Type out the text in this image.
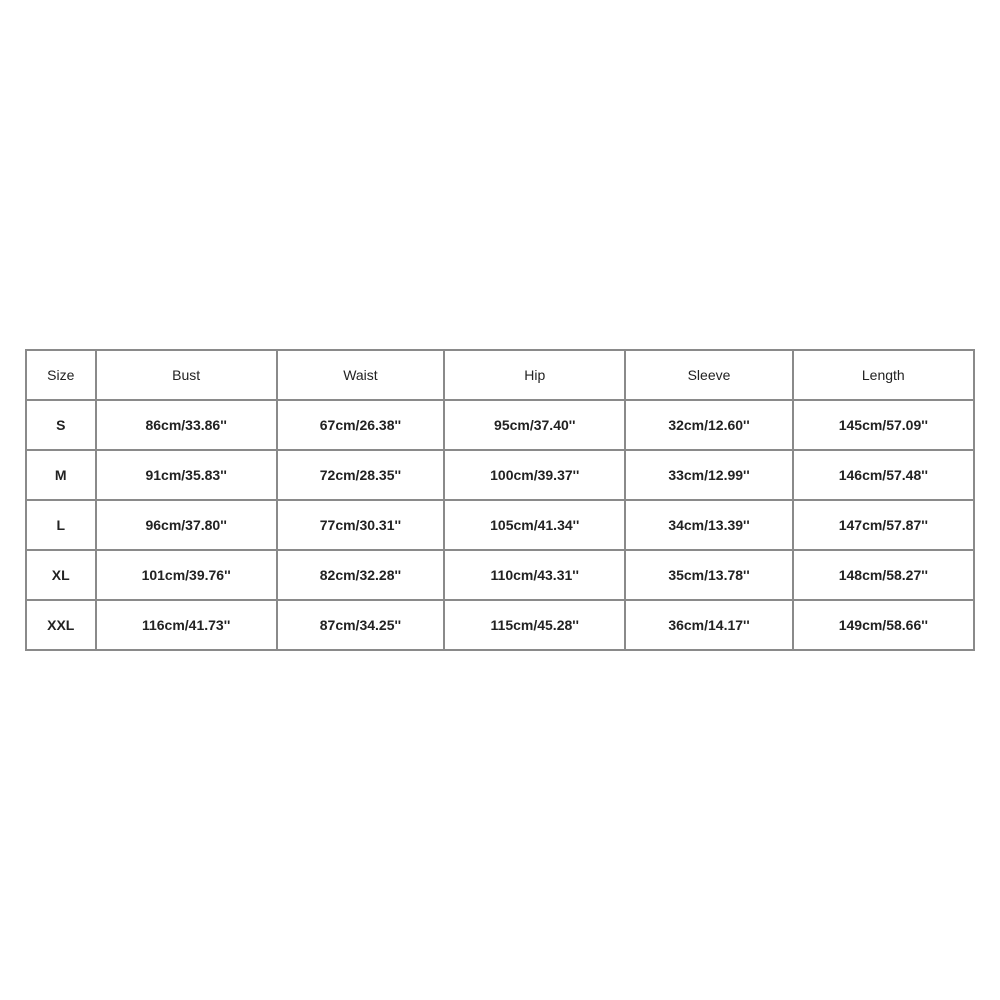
Size	Bust	Waist	Hip	Sleeve	Length
S	86cm/33.86''	67cm/26.38''	95cm/37.40''	32cm/12.60''	145cm/57.09''
M	91cm/35.83''	72cm/28.35''	100cm/39.37''	33cm/12.99''	146cm/57.48''
L	96cm/37.80''	77cm/30.31''	105cm/41.34''	34cm/13.39''	147cm/57.87''
XL	101cm/39.76''	82cm/32.28''	110cm/43.31''	35cm/13.78''	148cm/58.27''
XXL	116cm/41.73''	87cm/34.25''	115cm/45.28''	36cm/14.17''	149cm/58.66''
